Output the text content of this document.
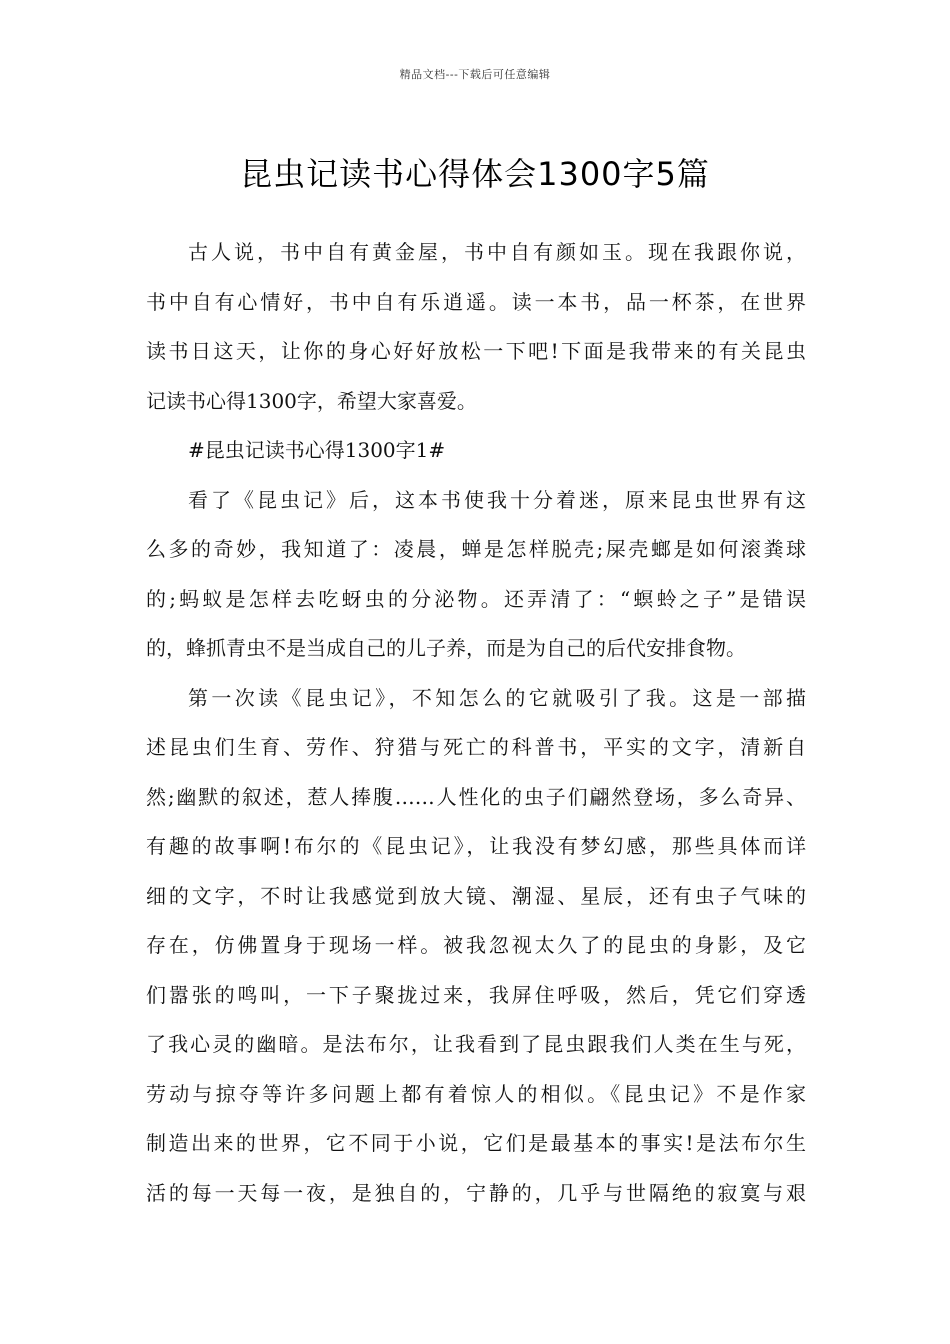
精品文档---下载后可任意编辑
昆虫记读书心得体会1300字5篇
古人说，书中自有黄金屋，书中自有颜如玉。现在我跟你说，
书中自有心情好，书中自有乐逍遥。读一本书，品一杯茶，在世界
读书日这天，让你的身心好好放松一下吧!下面是我带来的有关昆虫
记读书心得1300字，希望大家喜爱。
#昆虫记读书心得1300字1#
看了《昆虫记》后，这本书使我十分着迷，原来昆虫世界有这
么多的奇妙，我知道了：凌晨，蝉是怎样脱壳;屎壳螂是如何滚粪球
的;蚂蚁是怎样去吃蚜虫的分泌物。还弄清了：“螟蛉之子”是错误
的，蜂抓青虫不是当成自己的儿子养，而是为自己的后代安排食物。
第一次读《昆虫记》，不知怎么的它就吸引了我。这是一部描
述昆虫们生育、劳作、狩猎与死亡的科普书，平实的文字，清新自
然;幽默的叙述，惹人捧腹……人性化的虫子们翩然登场，多么奇异、
有趣的故事啊!布尔的《昆虫记》，让我没有梦幻感，那些具体而详
细的文字，不时让我感觉到放大镜、潮湿、星辰，还有虫子气味的
存在，仿佛置身于现场一样。被我忽视太久了的昆虫的身影，及它
们嚣张的鸣叫，一下子聚拢过来，我屏住呼吸，然后，凭它们穿透
了我心灵的幽暗。是法布尔，让我看到了昆虫跟我们人类在生与死，
劳动与掠夺等许多问题上都有着惊人的相似。《昆虫记》不是作家
制造出来的世界，它不同于小说，它们是最基本的事实!是法布尔生
活的每一天每一夜，是独自的，宁静的，几乎与世隔绝的寂寞与艰
